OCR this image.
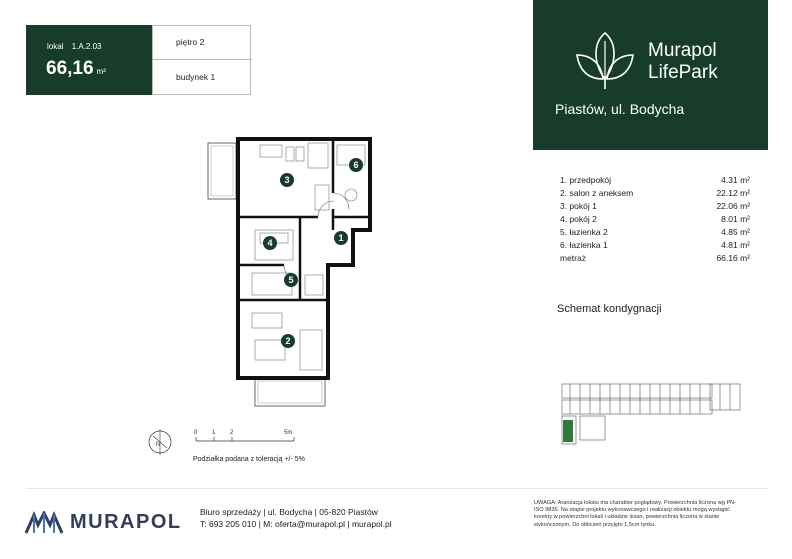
lokal 1.A.2.03
66,16 m²
piętro 2
budynek 1
Murapol
LifePark
Piastów, ul. Bodycha
1. przedpokój	4.31 m²
2. salon z aneksem	22.12 m²
3. pokój 1	22.06 m²
4. pokój 2	8.01 m²
5. łazienka 2	4.85 m²
6. łazienka 1	4.81 m²
metraż	66.16 m²
Schemat kondygnacji
1
2
3
4
5
6
N
0 1 2	5m
Podziałka podana z toleracją +/- 5%
MURAPOL Biuro sprzedaży | ul. Bodycha | 05-820 Piastów
T: 693 205 010 | M: oferta@murapol.pl | murapol.pl
UWAGA: Aranżacja lokalu ma charakter poglądowy. Powierzchnia liczona wg PN-ISO 9836. Na etapie projektu wykonawczego i realizacji obiektu mogą wystąpić korekty w powierzchni lokali i układzie ścian, powierzchnia liczona w stanie wykończonym. Do obliczeń przyjęto 1,5cm tynku.
